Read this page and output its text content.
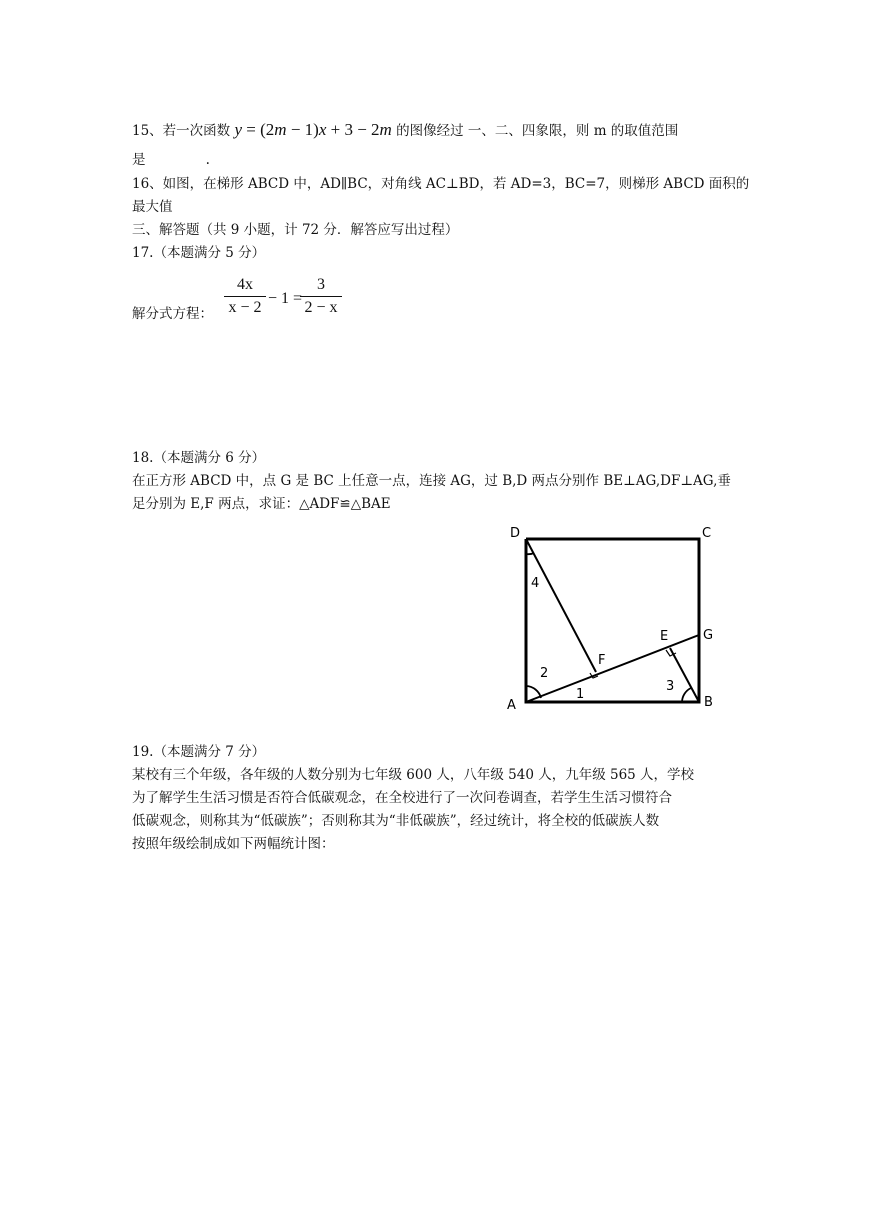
15、若一次函数 y = (2m − 1)x + 3 − 2m 的图像经过 一、二、四象限，则 m 的取值范围
是              .
16、如图，在梯形 ABCD 中，AD∥BC，对角线 AC⊥BD，若 AD=3，BC=7，则梯形 ABCD 面积的
最大值
三、解答题（共 9 小题，计 72 分．解答应写出过程）
17.（本题满分 5 分）
解分式方程： $\frac{4x}{x - 2} - 1$ =
$\frac{3}{2 - x}$
18.（本题满分 6 分）
在正方形 ABCD 中，点 G 是 BC 上任意一点，连接 AG，过 B,D 两点分别作 BE⊥AG,DF⊥AG,垂
足分别为 E,F 两点，求证：△ADF≌△BAE
D	C
A	B
G
E
F
4
2
1
3
19.（本题满分 7 分）
某校有三个年级，各年级的人数分别为七年级 600 人，八年级 540 人，九年级 565 人，学校
为了解学生生活习惯是否符合低碳观念，在全校进行了一次问卷调查，若学生生活习惯符合
低碳观念，则称其为“低碳族”；否则称其为“非低碳族”，经过统计，将全校的低碳族人数
按照年级绘制成如下两幅统计图：
